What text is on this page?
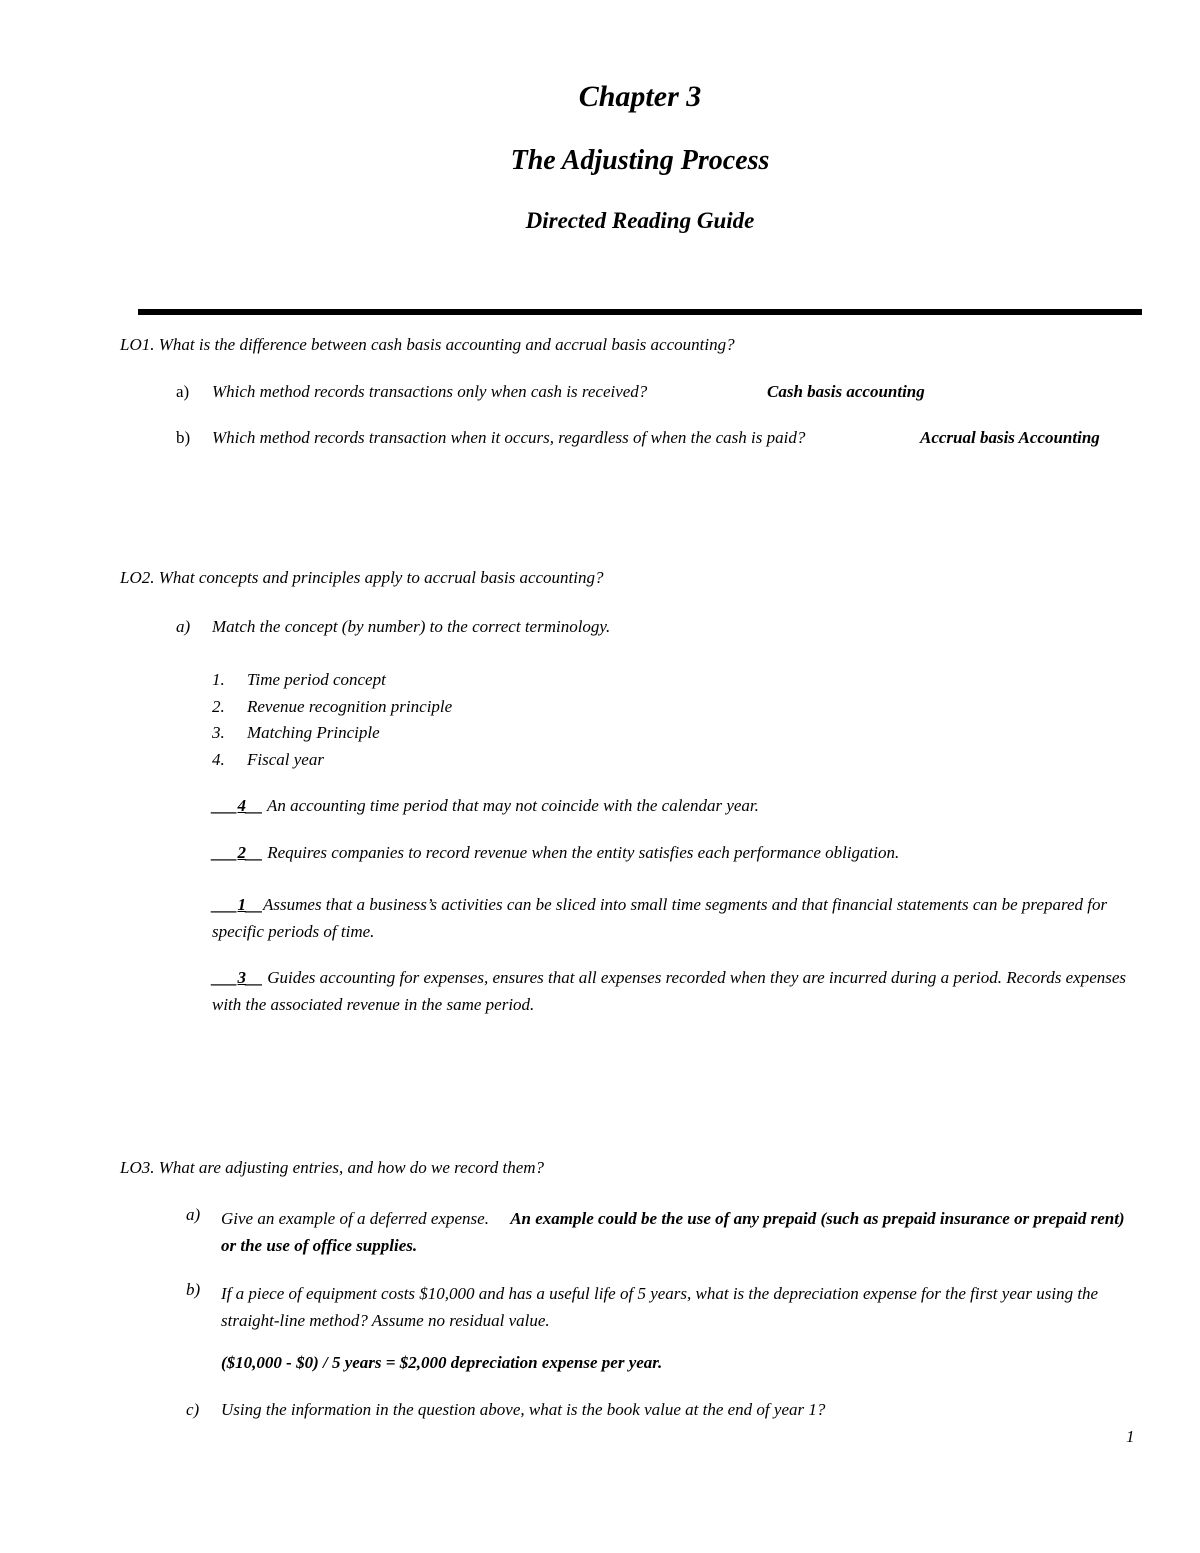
Chapter 3
The Adjusting Process
Directed Reading Guide
LO1. What is the difference between cash basis accounting and accrual basis accounting?
a) Which method records transactions only when cash is received?	Cash basis accounting
b) Which method records transaction when it occurs, regardless of when the cash is paid?	Accrual basis Accounting
LO2. What concepts and principles apply to accrual basis accounting?
a) Match the concept (by number) to the correct terminology.
1. Time period concept
2. Revenue recognition principle
3. Matching Principle
4. Fiscal year
___4__ An accounting time period that may not coincide with the calendar year.
___2__ Requires companies to record revenue when the entity satisfies each performance obligation.
___1__Assumes that a business’s activities can be sliced into small time segments and that financial statements can be prepared for specific periods of time.
___3__ Guides accounting for expenses, ensures that all expenses recorded when they are incurred during a period. Records expenses with the associated revenue in the same period.
LO3. What are adjusting entries, and how do we record them?
a) Give an example of a deferred expense. An example could be the use of any prepaid (such as prepaid insurance or prepaid rent) or the use of office supplies.
b) If a piece of equipment costs $10,000 and has a useful life of 5 years, what is the depreciation expense for the first year using the straight-line method? Assume no residual value.
($10,000 - $0) / 5 years = $2,000 depreciation expense per year.
c) Using the information in the question above, what is the book value at the end of year 1?
1
